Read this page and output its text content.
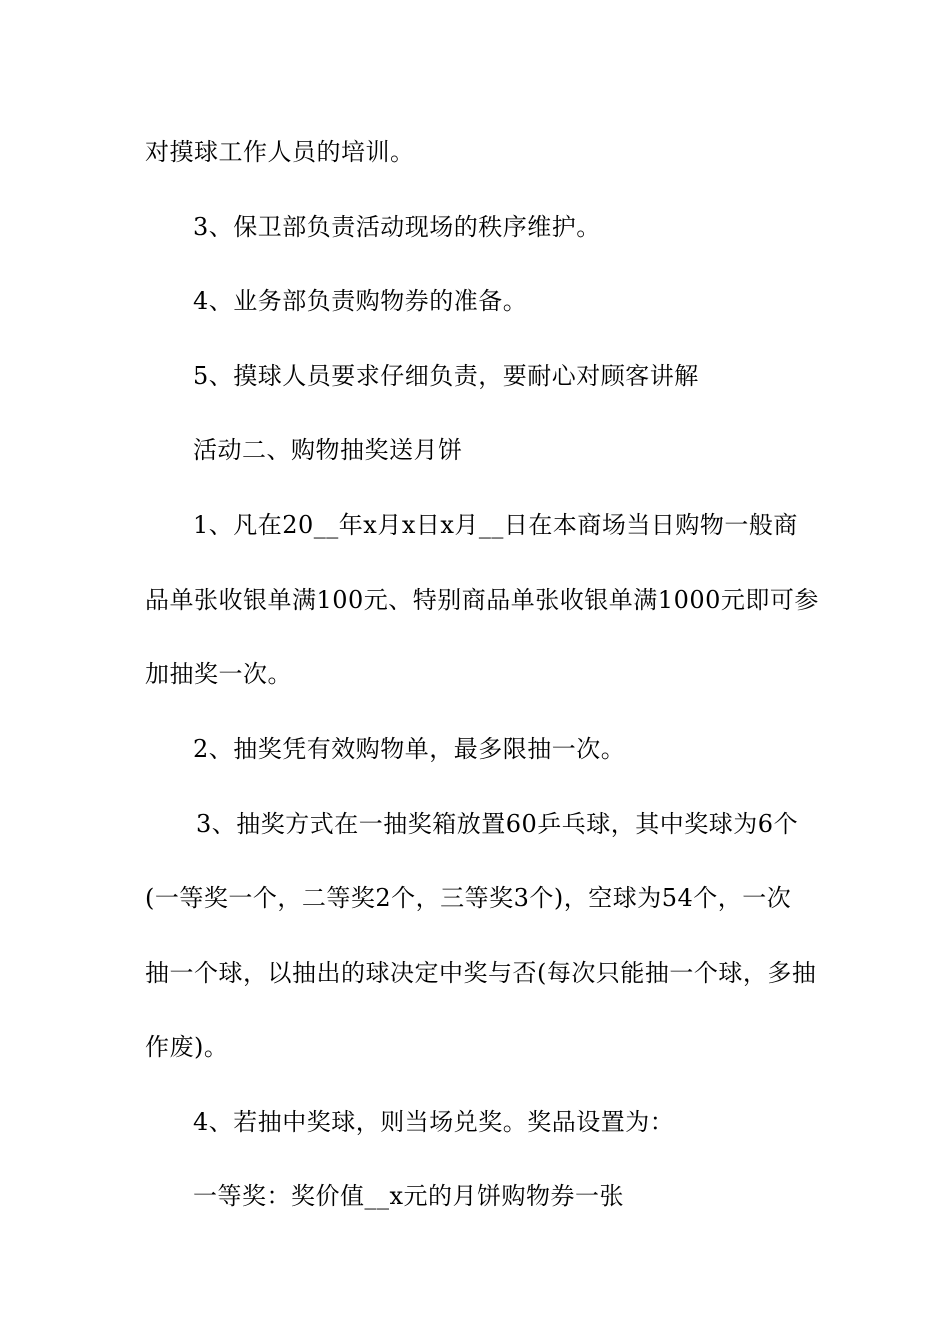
对摸球工作人员的培训。
3、保卫部负责活动现场的秩序维护。
4、业务部负责购物券的准备。
5、摸球人员要求仔细负责，要耐心对顾客讲解
活动二、购物抽奖送月饼
1、凡在20__年x月x日x月__日在本商场当日购物一般商
品单张收银单满100元、特别商品单张收银单满1000元即可参
加抽奖一次。
2、抽奖凭有效购物单，最多限抽一次。
3、抽奖方式在一抽奖箱放置60乒乓球，其中奖球为6个
(一等奖一个，二等奖2个，三等奖3个)，空球为54个，一次
抽一个球，以抽出的球决定中奖与否(每次只能抽一个球，多抽
作废)。
4、若抽中奖球，则当场兑奖。奖品设置为：
一等奖：奖价值__x元的月饼购物券一张
